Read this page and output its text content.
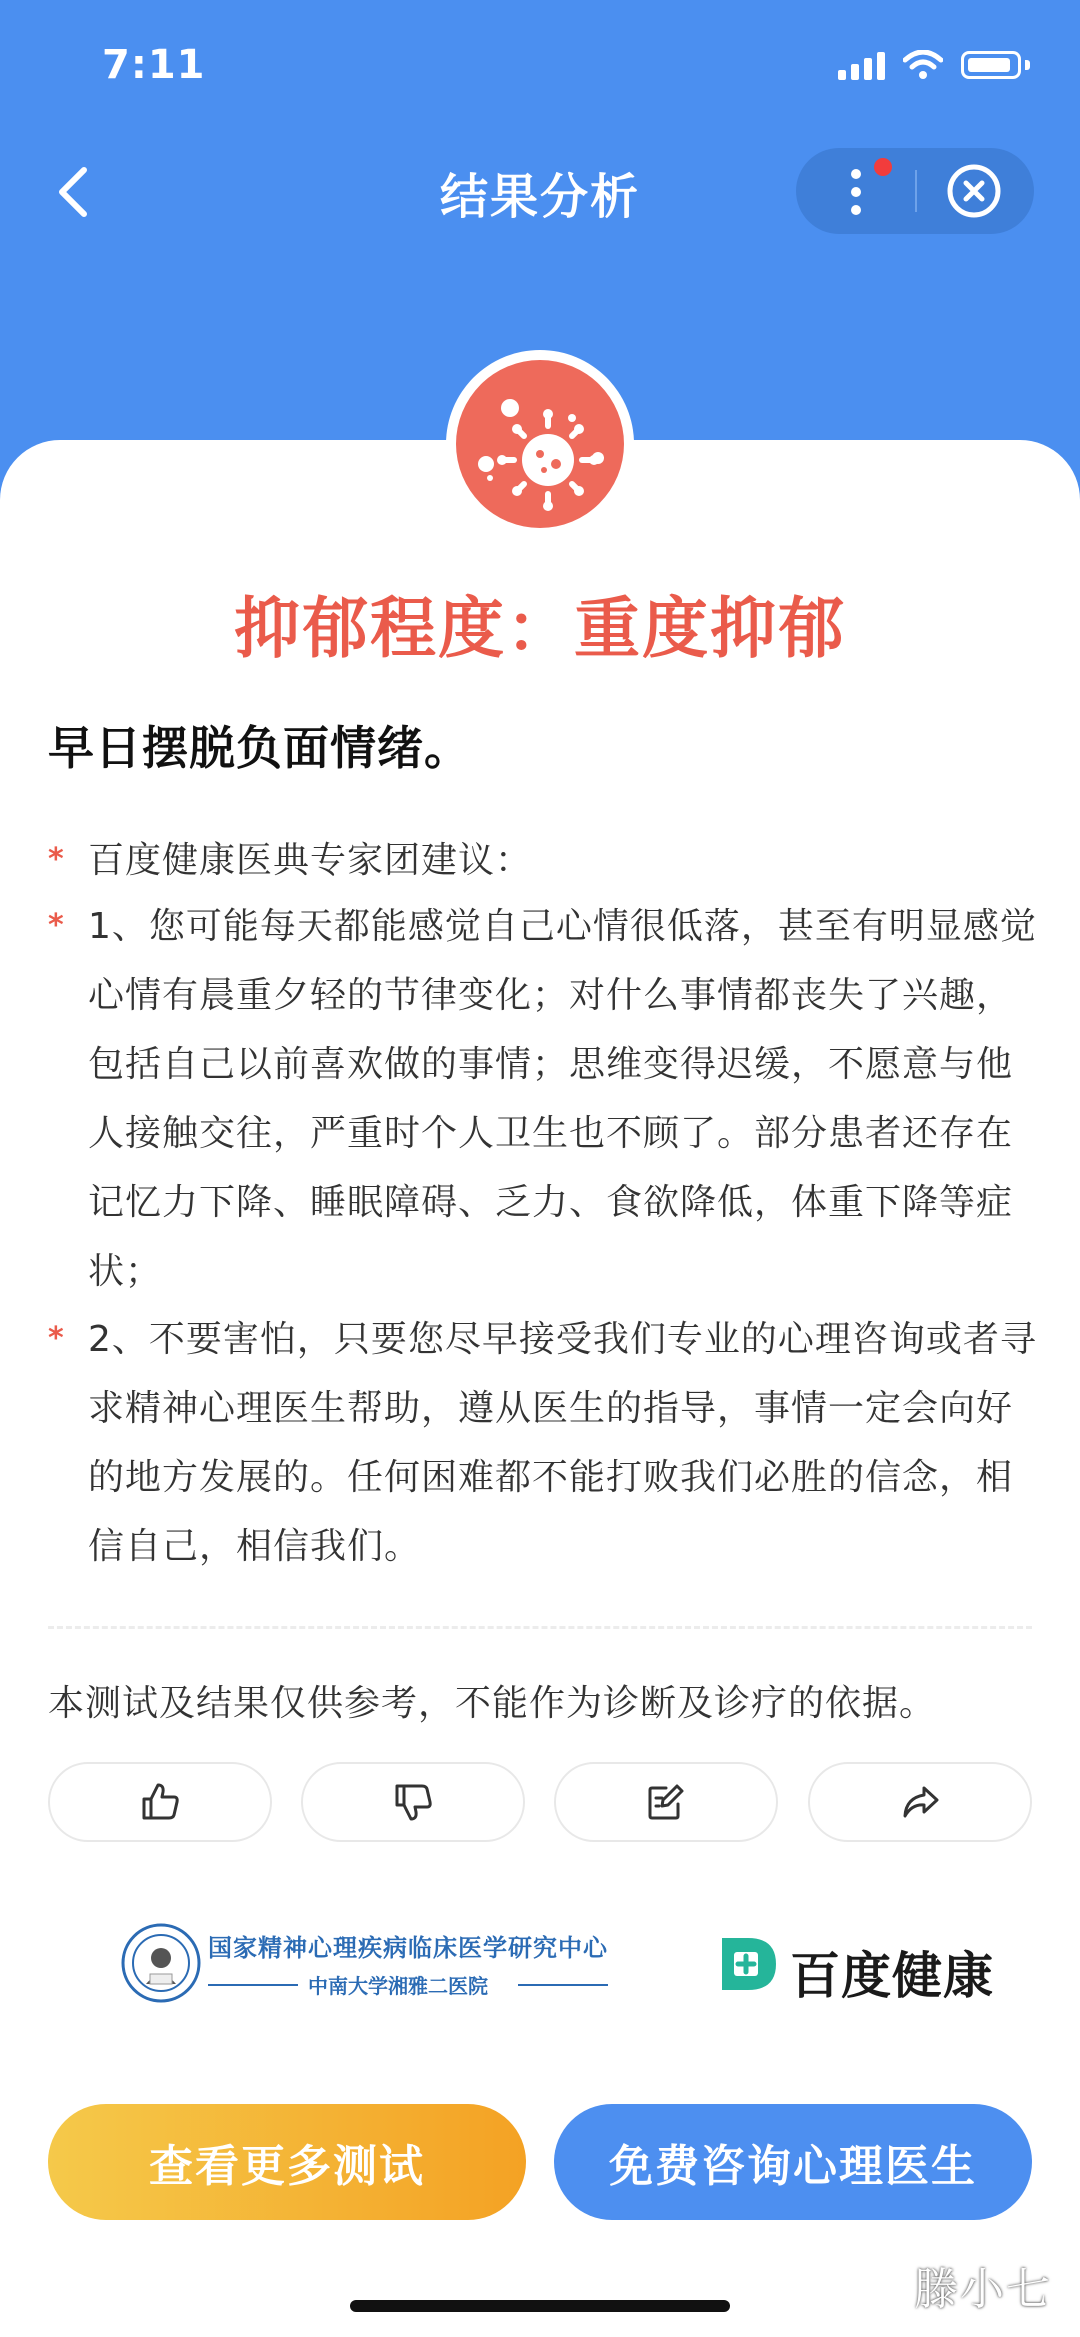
7:11
结果分析
抑郁程度：重度抑郁
早日摆脱负面情绪。
* 百度健康医典专家团建议：
* 1、您可能每天都能感觉自己心情很低落，甚至有明显感觉心情有晨重夕轻的节律变化；对什么事情都丧失了兴趣，包括自己以前喜欢做的事情；思维变得迟缓，不愿意与他人接触交往，严重时个人卫生也不顾了。部分患者还存在记忆力下降、睡眠障碍、乏力、食欲降低，体重下降等症状；
* 2、不要害怕，只要您尽早接受我们专业的心理咨询或者寻求精神心理医生帮助，遵从医生的指导，事情一定会向好的地方发展的。任何困难都不能打败我们必胜的信念，相信自己，相信我们。
本测试及结果仅供参考，不能作为诊断及诊疗的依据。
国家精神心理疾病临床医学研究中心
中南大学湘雅二医院	百度健康
查看更多测试	免费咨询心理医生
滕小七
